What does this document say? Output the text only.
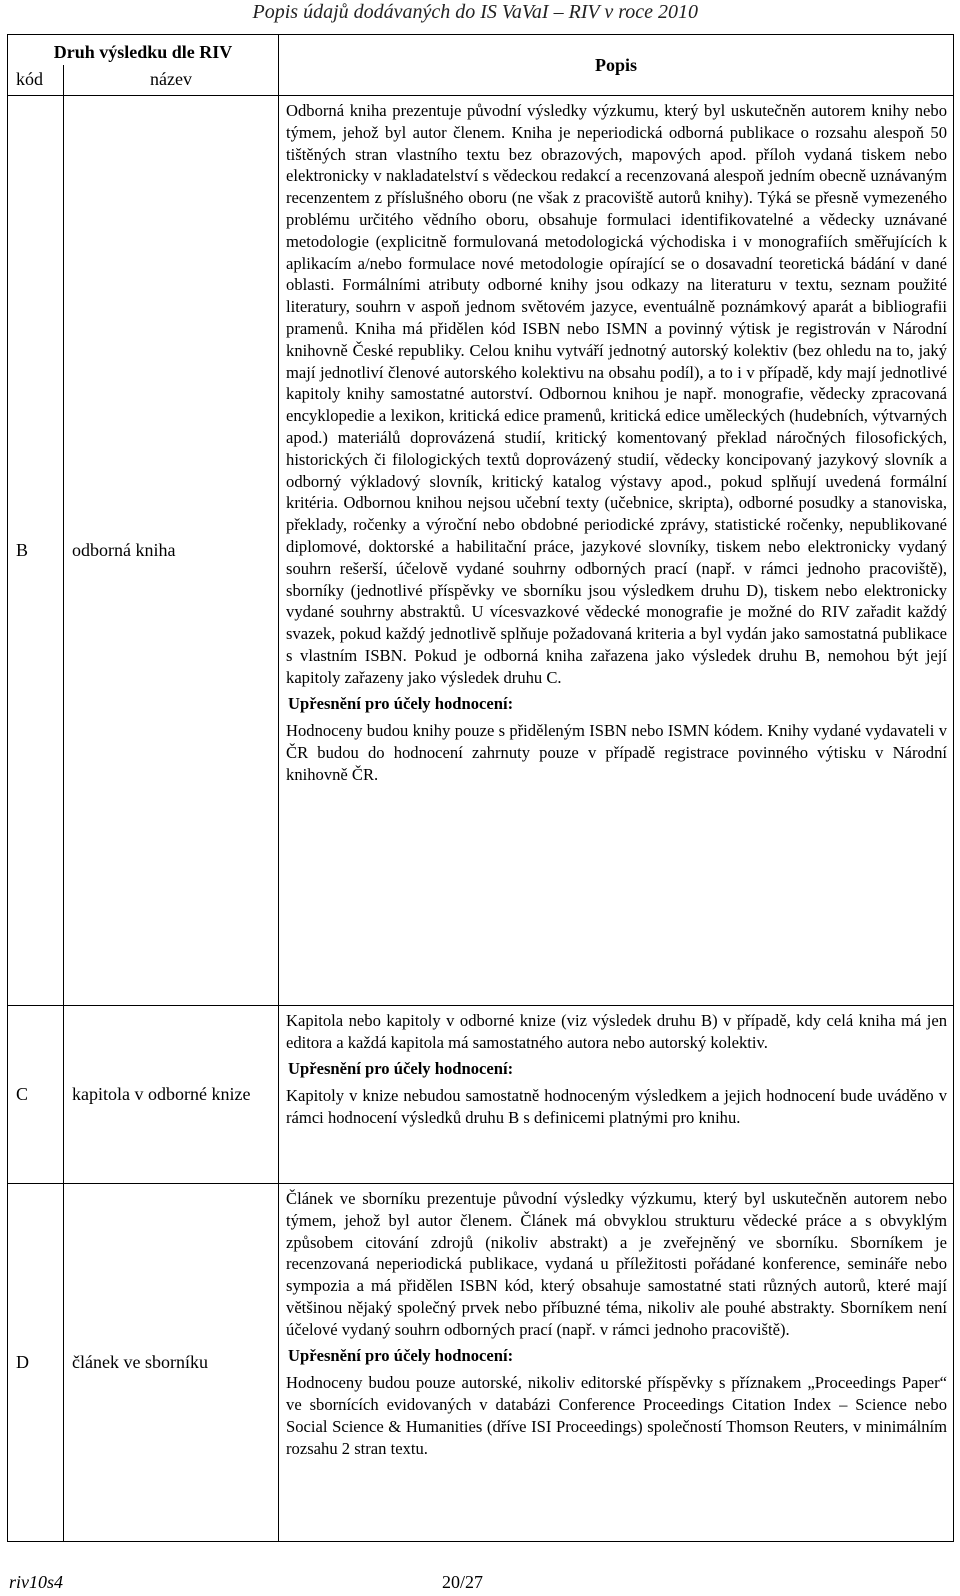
Popis údajů dodávaných do IS VaVaI – RIV v roce 2010
Druh výsledku dle RIV		Popis
kód	název	
B	odborná kniha	Odborná kniha prezentuje původní výsledky výzkumu, který byl uskutečněn autorem knihy nebo týmem, jehož byl autor členem. Kniha je neperiodická odborná publikace o rozsahu alespoň 50 tištěných stran vlastního textu bez obrazových, mapových apod. příloh vydaná tiskem nebo elektronicky v nakladatelství s vědeckou redakcí a recenzovaná alespoň jedním obecně uznávaným recenzentem z příslušného oboru (ne však z pracoviště autorů knihy). Týká se přesně vymezeného problému určitého vědního oboru, obsahuje formulaci identifikovatelné a vědecky uznávané metodologie (explicitně formulovaná metodologická východiska i v monografiích směřujících k aplikacím a/nebo formulace nové metodologie opírající se o dosavadní teoretická bádání v dané oblasti. Formálními atributy odborné knihy jsou odkazy na literaturu v textu, seznam použité literatury, souhrn v aspoň jednom světovém jazyce, eventuálně poznámkový aparát a bibliografii pramenů. Kniha má přidělen kód ISBN nebo ISMN a povinný výtisk je registrován v Národní knihovně České republiky. Celou knihu vytváří jednotný autorský kolektiv (bez ohledu na to, jaký mají jednotliví členové autorského kolektivu na obsahu podíl), a to i v případě, kdy mají jednotlivé kapitoly knihy samostatné autorství. Odbornou knihou je např. monografie, vědecky zpracovaná encyklopedie a lexikon, kritická edice pramenů, kritická edice uměleckých (hudebních, výtvarných apod.) materiálů doprovázená studií, kritický komentovaný překlad náročných filosofických, historických či filologických textů doprovázený studií, vědecky koncipovaný jazykový slovník a odborný výkladový slovník, kritický katalog výstavy apod., pokud splňují uvedená formální kritéria. Odbornou knihou nejsou učební texty (učebnice, skripta), odborné posudky a stanoviska, překlady, ročenky a výroční nebo obdobné periodické zprávy, statistické ročenky, nepublikované diplomové, doktorské a habilitační práce, jazykové slovníky, tiskem nebo elektronicky vydaný souhrn rešerší, účelově vydané souhrny odborných prací (např. v rámci jednoho pracoviště), sborníky (jednotlivé příspěvky ve sborníku jsou výsledkem druhu D), tiskem nebo elektronicky vydané souhrny abstraktů. U vícesvazkové vědecké monografie je možné do RIV zařadit každý svazek, pokud každý jednotlivě splňuje požadovaná kriteria a byl vydán jako samostatná publikace s vlastním ISBN. Pokud je odborná kniha zařazena jako výsledek druhu B, nemohou být její kapitoly zařazeny jako výsledek druhu C.

Upřesnění pro účely hodnocení:

Hodnoceny budou knihy pouze s přiděleným ISBN nebo ISMN kódem. Knihy vydané vydavateli v ČR budou do hodnocení zahrnuty pouze v případě registrace povinného výtisku v Národní knihovně ČR.

C	kapitola v odborné knize	Kapitola nebo kapitoly v odborné knize (viz výsledek druhu B) v případě, kdy celá kniha má jen editora a každá kapitola má samostatného autora nebo autorský kolektiv.

Upřesnění pro účely hodnocení:

Kapitoly v knize nebudou samostatně hodnoceným výsledkem a jejich hodnocení bude uváděno v rámci hodnocení výsledků druhu B s definicemi platnými pro knihu.

D	článek ve sborníku	Článek ve sborníku prezentuje původní výsledky výzkumu, který byl uskutečněn autorem nebo týmem, jehož byl autor členem. Článek má obvyklou strukturu vědecké práce a s obvyklým způsobem citování zdrojů (nikoliv abstrakt) a je zveřejněný ve sborníku. Sborníkem je recenzovaná neperiodická publikace, vydaná u příležitosti pořádané konference, semináře nebo sympozia a má přidělen ISBN kód, který obsahuje samostatné stati různých autorů, které mají většinou nějaký společný prvek nebo příbuzné téma, nikoliv ale pouhé abstrakty. Sborníkem není účelové vydaný souhrn odborných prací (např. v rámci jednoho pracoviště).

Upřesnění pro účely hodnocení:

Hodnoceny budou pouze autorské, nikoliv editorské příspěvky s příznakem „Proceedings Paper“ ve sbornících evidovaných v databázi Conference Proceedings Citation Index – Science nebo Social Science & Humanities (dříve ISI Proceedings) společností Thomson Reuters, v minimálním rozsahu 2 stran textu.

riv10s4	20/27
